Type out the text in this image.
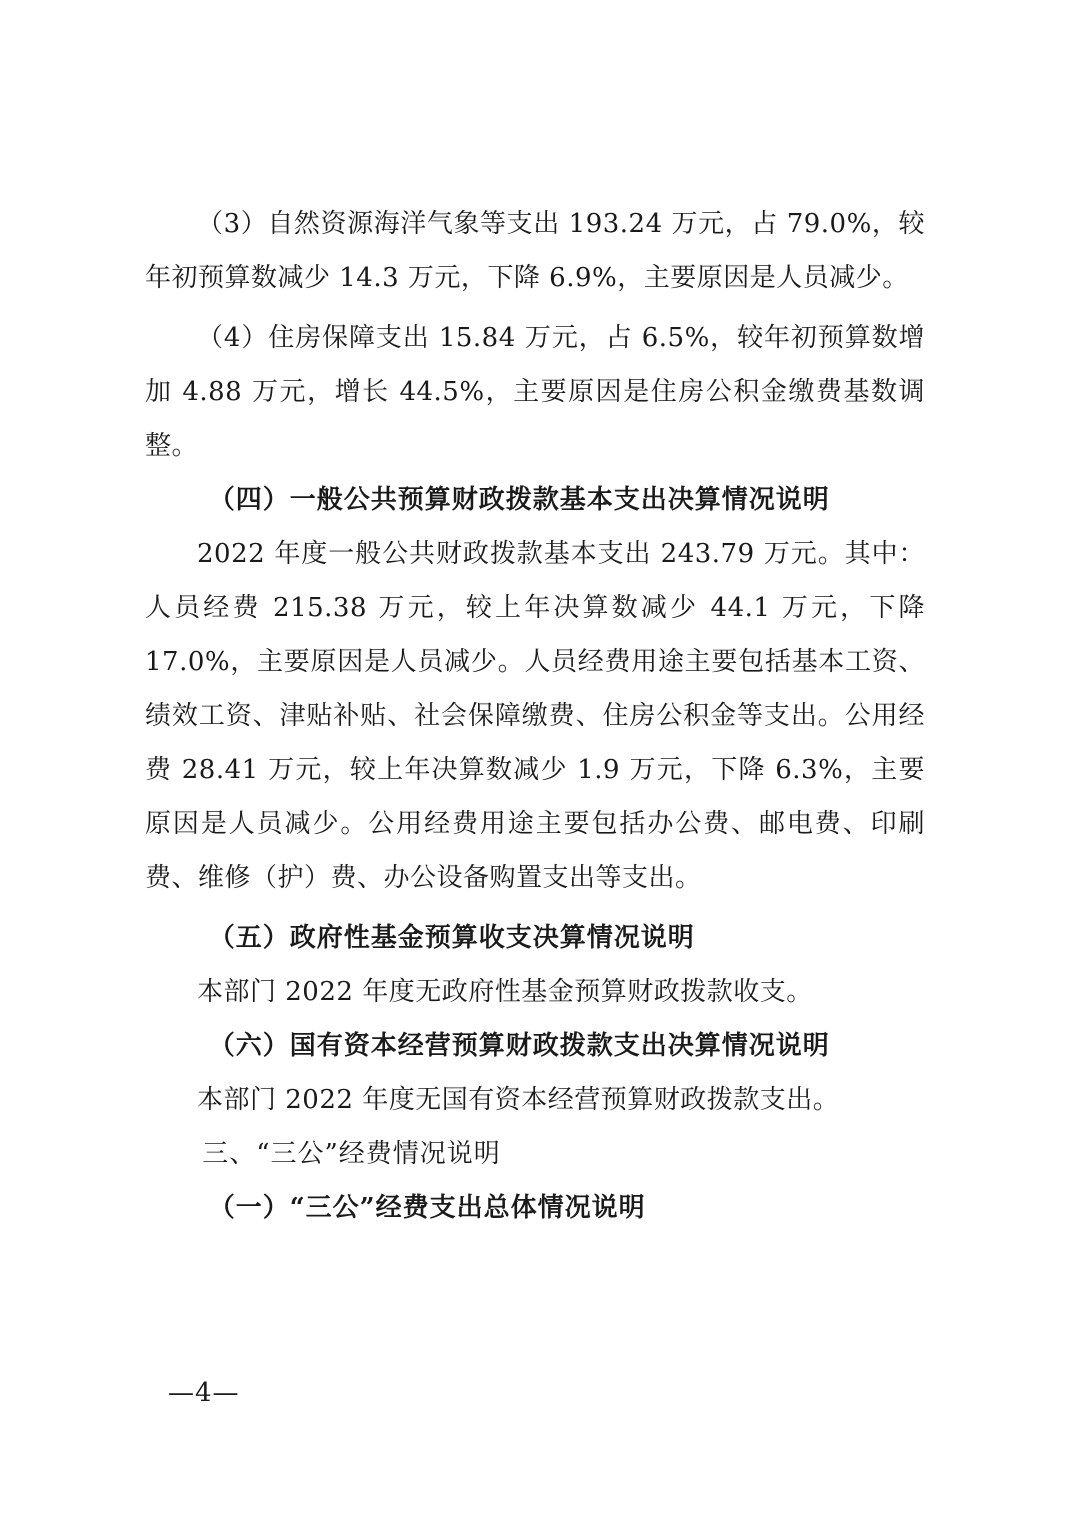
（3）自然资源海洋气象等支出 193.24 万元，占 79.0%，较年初预算数减少 14.3 万元，下降 6.9%，主要原因是人员减少。

（4）住房保障支出 15.84 万元，占 6.5%，较年初预算数增加 4.88 万元，增长 44.5%，主要原因是住房公积金缴费基数调整。

（四）一般公共预算财政拨款基本支出决算情况说明

2022 年度一般公共财政拨款基本支出 243.79 万元。其中：人员经费 215.38 万元，较上年决算数减少 44.1 万元，下降 17.0%，主要原因是人员减少。人员经费用途主要包括基本工资、绩效工资、津贴补贴、社会保障缴费、住房公积金等支出。公用经费 28.41 万元，较上年决算数减少 1.9 万元，下降 6.3%，主要原因是人员减少。公用经费用途主要包括办公费、邮电费、印刷费、维修（护）费、办公设备购置支出等支出。

（五）政府性基金预算收支决算情况说明

本部门 2022 年度无政府性基金预算财政拨款收支。

（六）国有资本经营预算财政拨款支出决算情况说明

本部门 2022 年度无国有资本经营预算财政拨款支出。

三、“三公”经费情况说明

（一）“三公”经费支出总体情况说明

—4—
